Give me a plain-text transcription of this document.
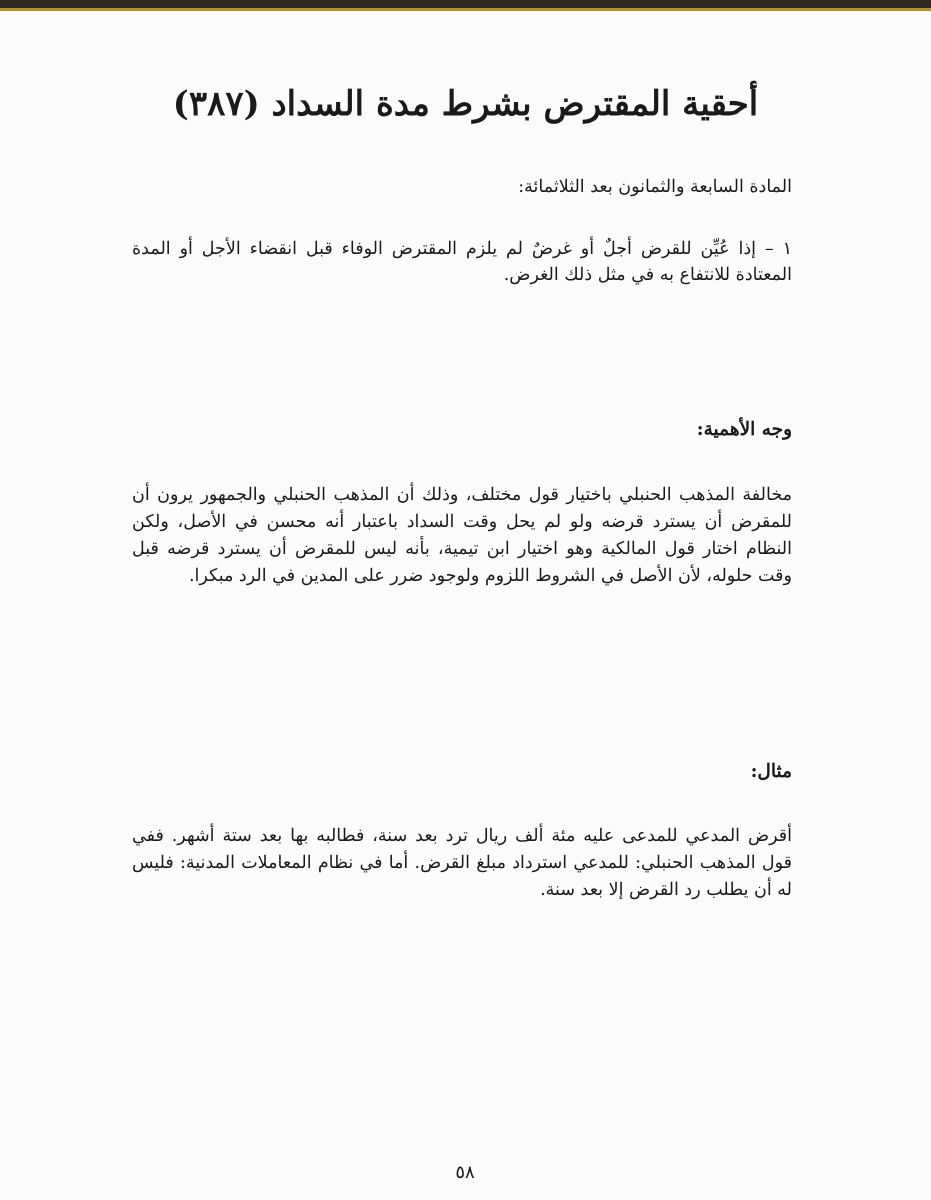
أحقية المقترض بشرط مدة السداد (٣٨٧)
المادة السابعة والثمانون بعد الثلاثمائة:

١ – إذا عُيِّن للقرض أجلٌ أو غرضٌ لم يلزم المقترض الوفاء قبل انقضاء الأجل أو المدة المعتادة للانتفاع به في مثل ذلك الغرض.

وجه الأهمية:

مخالفة المذهب الحنبلي باختيار قول مختلف، وذلك أن المذهب الحنبلي والجمهور يرون أن للمقرض أن يسترد قرضه ولو لم يحل وقت السداد باعتبار أنه محسن في الأصل، ولكن النظام اختار قول المالكية وهو اختيار ابن تيمية، بأنه ليس للمقرض أن يسترد قرضه قبل وقت حلوله، لأن الأصل في الشروط اللزوم ولوجود ضرر على المدين في الرد مبكرا.

مثال:

أقرض المدعي للمدعى عليه مئة ألف ريال ترد بعد سنة، فطالبه بها بعد ستة أشهر. ففي قول المذهب الحنبلي: للمدعي استرداد مبلغ القرض. أما في نظام المعاملات المدنية: فليس له أن يطلب رد القرض إلا بعد سنة.

٥٨
